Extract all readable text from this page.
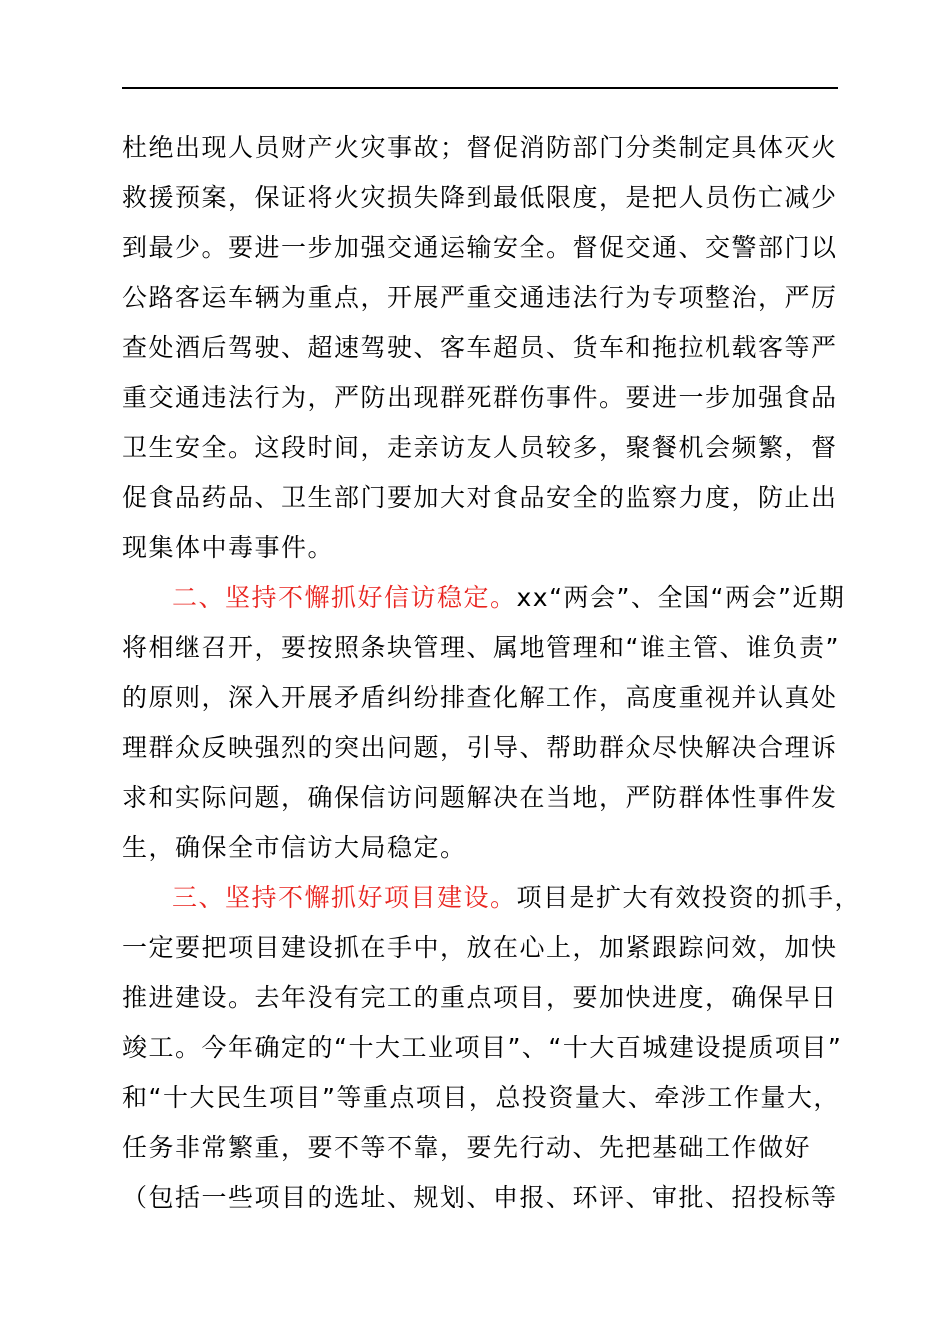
杜绝出现人员财产火灾事故；督促消防部门分类制定具体灭火
救援预案，保证将火灾损失降到最低限度，是把人员伤亡减少
到最少。要进一步加强交通运输安全。督促交通、交警部门以
公路客运车辆为重点，开展严重交通违法行为专项整治，严厉
查处酒后驾驶、超速驾驶、客车超员、货车和拖拉机载客等严
重交通违法行为，严防出现群死群伤事件。要进一步加强食品
卫生安全。这段时间，走亲访友人员较多，聚餐机会频繁，督
促食品药品、卫生部门要加大对食品安全的监察力度，防止出
现集体中毒事件。
二、坚持不懈抓好信访稳定。xx“两会”、全国“两会”近期
将相继召开，要按照条块管理、属地管理和“谁主管、谁负责”
的原则，深入开展矛盾纠纷排查化解工作，高度重视并认真处
理群众反映强烈的突出问题，引导、帮助群众尽快解决合理诉
求和实际问题，确保信访问题解决在当地，严防群体性事件发
生，确保全市信访大局稳定。
三、坚持不懈抓好项目建设。项目是扩大有效投资的抓手，
一定要把项目建设抓在手中，放在心上，加紧跟踪问效，加快
推进建设。去年没有完工的重点项目，要加快进度，确保早日
竣工。今年确定的“十大工业项目”、“十大百城建设提质项目”
和“十大民生项目”等重点项目，总投资量大、牵涉工作量大，
任务非常繁重，要不等不靠，要先行动、先把基础工作做好
（包括一些项目的选址、规划、申报、环评、审批、招投标等
